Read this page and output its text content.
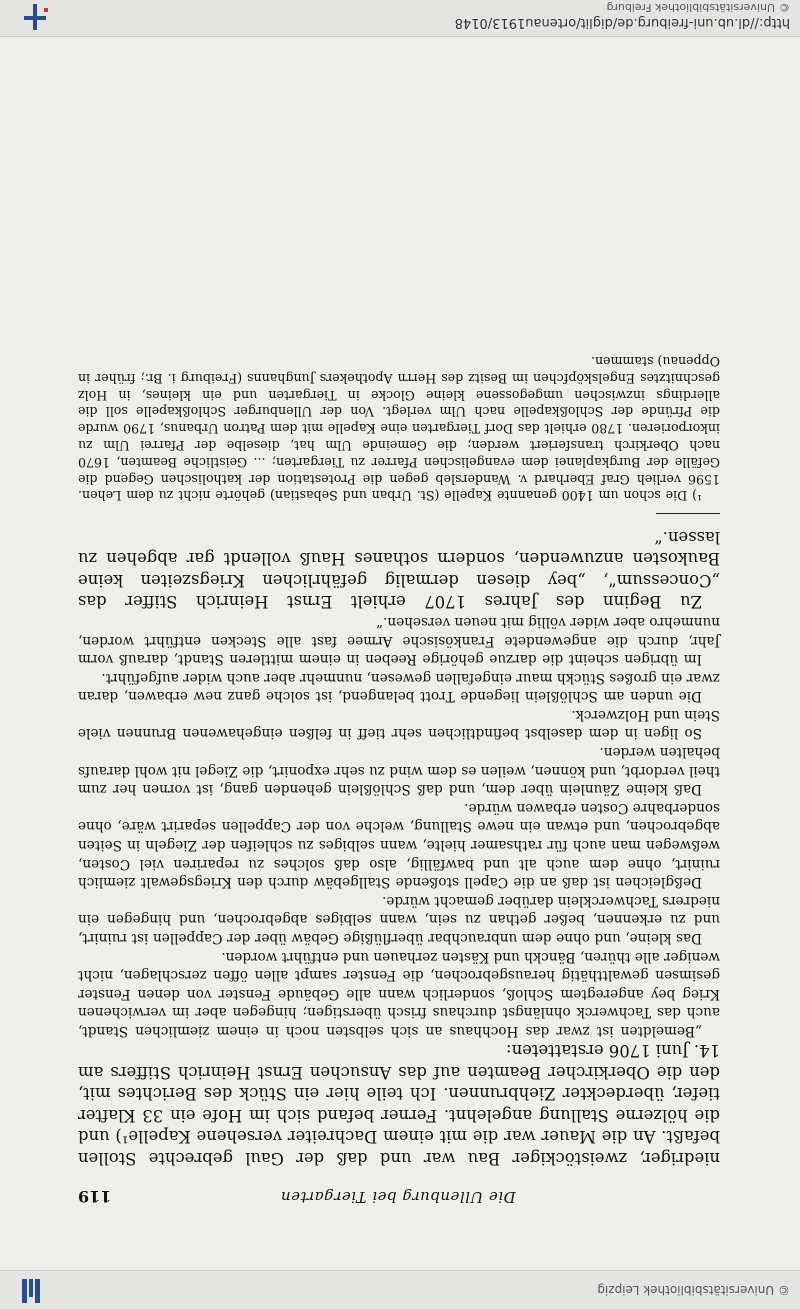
© Universitätsbibliothek Leipzig
Die Ullenburg bei Tiergarten
119

niedriger, zweistöckiger Bau war und daß der Gaul gebrechte Stollen befaßt. An die Mauer war die mit einem Dachreiter versehene Kapelle¹) und die hölzerne Stallung angelehnt. Ferner befand sich im Hofe ein 33 Klafter tiefer, überdeckter Ziehbrunnen. Ich teile hier ein Stück des Berichtes mit, den die Oberkircher Beamten auf das Ansuchen Ernst Heinrich Stiffers am 14. Juni 1706 erstatteten:

„Bemeldten ist zwar das Hochhaus an sich selbsten noch in einem ziemlichen Standt, auch das Tachwerck ohnlängst durchaus frisch überstigen; hingegen aber im verwichenen Krieg bey angeregtem Schloß, sonderlich wann alle Gebäude Fenster von denen Fenster gesimsen gewaltthätig herausgebrochen, die Fenster sampt allen öffen zerschlagen, nicht weniger alle thüren, Bänckh und Kästen zerhauen und entführt worden.

Das kleine, und ohne dem unbrauchbar überflüßige Gebäw über der Cappellen ist ruinirt, und zu erkennen, beßer gethan zu sein, wann selbiges abgebrochen, und hingegen ein niedrers Tachwercklein darüber gemacht würde.

Deßgleichen ist daß an die Capell stoßende Stallgebäw durch den Kriegsgewalt ziemlich ruinirt, ohne dem auch alt und bawfällig, also daß solches zu repariren viel Costen, weßwegen man auch für rathsamer hielte, wann selbiges zu schleifen der Ziegeln in Seiten abgebrochen, und etwan ein newe Stallung, welche von der Cappellen separirt wäre, ohne sonderbahre Costen erbawen würde.

Daß kleine Zäunlein über dem, und daß Schlößlein gehenden gang, ist vornen her zum theil verdorbt, und können, weilen es dem wind zu sehr exponirt, die Ziegel nit wohl daraufs behalten werden.

So ligen in dem daselbst befindtlichen sehr tieff in felßen eingehawenen Brunnen viele Stein und Holzwerck.

Die unden am Schlößlein liegende Trott belangend, ist solche ganz new erbawen, daran zwar ein großes Stückh maur eingefallen gewesen, nunmehr aber auch wider aufgeführt.

Im übrigen scheint die darzue gehörige Reeben in einem mittleren Standt, darauß vorm Jahr, durch die angewendete Frankösische Armee fast alle Stecken entführt worden, nunmehro aber wider völlig mit neuen versehen.“

Zu Beginn des Jahres 1707 erhielt Ernst Heinrich Stiffer das „Concessum“, „bey diesen dermalig gefährlichen Kriegszeiten keine Baukosten anzuwenden, sondern sothanes Hauß vollendt gar abgehen zu lassen.“

¹) Die schon um 1400 genannte Kapelle (St. Urban und Sebastian) gehörte nicht zu dem Lehen. 1596 verlieh Graf Eberhard v. Wandersleb gegen die Protestation der katholischen Gegend die Gefälle der Burgkaplanei dem evangelischen Pfarrer zu Tiergarten; ... Geistliche Beamten, 1670 nach Oberkirch transferiert werden; die Gemeinde Ulm hat, dieselbe der Pfarrei Ulm zu inkorporieren. 1780 erhielt das Dorf Tiergarten eine Kapelle mit dem Patron Urbanus, 1790 wurde die Pfründe der Schloßkapelle nach Ulm verlegt. Von der Ullenburger Schloßkapelle soll die allerdings inzwischen umgegossene kleine Glocke in Tiergarten und ein kleines, in Holz geschnitztes Engelsköpfchen im Besitz des Herrn Apothekers Junghanns (Freiburg i. Br.; früher in Oppenau) stammen.

http://dl.ub.uni-freiburg.de/diglit/ortenau1913/0148
©Universitätsbibliothek Freiburg
